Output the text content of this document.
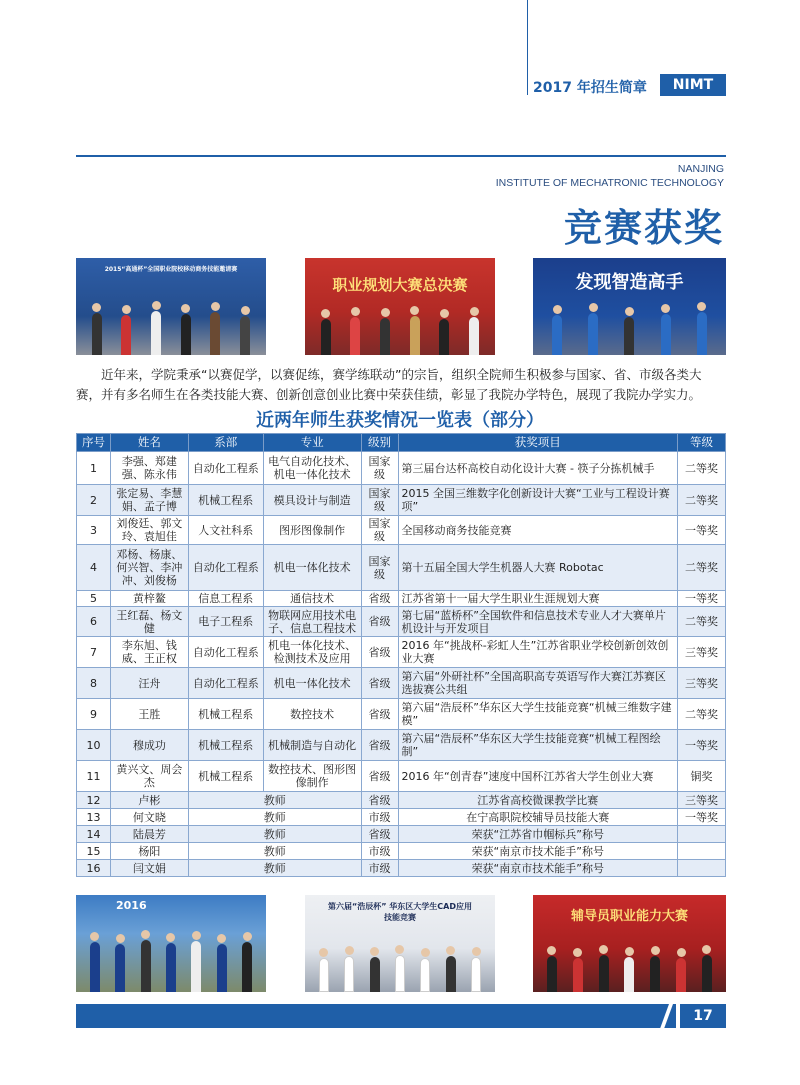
2017 年招生简章	NIMT
NANJING
INSTITUTE OF MECHATRONIC TECHNOLOGY
竞赛获奖
2015“高通杯”全国职业院校移动商务技能邀请赛
职业规划大赛总决赛	发现智造高手
近年来，学院秉承“以赛促学，以赛促练，赛学练联动”的宗旨，组织全院师生积极参与国家、省、市级各类大赛，并有多名师生在各类技能大赛、创新创意创业比赛中荣获佳绩，彰显了我院办学特色，展现了我院办学实力。
近两年师生获奖情况一览表（部分）
序号	姓名	系部	专业	级别	获奖项目	等级
1	李强、郑建强、陈永伟	自动化工程系	电气自动化技术、机电一体化技术	国家级	第三届台达杯高校自动化设计大赛 - 筷子分拣机械手	二等奖
2	张定易、李慧娟、孟子博	机械工程系	模具设计与制造	国家级	2015 全国三维数字化创新设计大赛“工业与工程设计赛项”	二等奖
3	刘俊廷、郭文玲、袁旭佳	人文社科系	图形图像制作	国家级	全国移动商务技能竞赛	一等奖
4	邓杨、杨康、何兴智、李冲冲、刘俊杨	自动化工程系	机电一体化技术	国家级	第十五届全国大学生机器人大赛 Robotac	二等奖
5	黄梓鳌	信息工程系	通信技术	省级	江苏省第十一届大学生职业生涯规划大赛	一等奖
6	王红磊、杨文健	电子工程系	物联网应用技术电子、信息工程技术	省级	第七届“蓝桥杯”全国软件和信息技术专业人才大赛单片机设计与开发项目	二等奖
7	李东旭、钱威、王正权	自动化工程系	机电一体化技术、检测技术及应用	省级	2016 年“挑战杯-彩虹人生”江苏省职业学校创新创效创业大赛	三等奖
8	汪舟	自动化工程系	机电一体化技术	省级	第六届“外研社杯”全国高职高专英语写作大赛江苏赛区选拔赛公共组	三等奖
9	王胜	机械工程系	数控技术	省级	第六届“浩辰杯”华东区大学生技能竞赛“机械三维数字建模”	二等奖
10	穆成功	机械工程系	机械制造与自动化	省级	第六届“浩辰杯”华东区大学生技能竞赛“机械工程图绘制”	一等奖
11	黄兴文、周会杰	机械工程系	数控技术、图形图像制作	省级	2016 年“创青春”速度中国杯江苏省大学生创业大赛	铜奖
12	卢彬	教师		省级	江苏省高校微课教学比赛	三等奖
13	何文晓	教师		市级	在宁高职院校辅导员技能大赛	一等奖
14	陆晨芳	教师		省级	荣获“江苏省巾帼标兵”称号	
15	杨阳	教师		市级	荣获“南京市技术能手”称号	
16	闫文娟	教师		市级	荣获“南京市技术能手”称号	
2016	第六届“浩辰杯” 华东区大学生CAD应用技能竞赛	辅导员职业能力大赛
17
